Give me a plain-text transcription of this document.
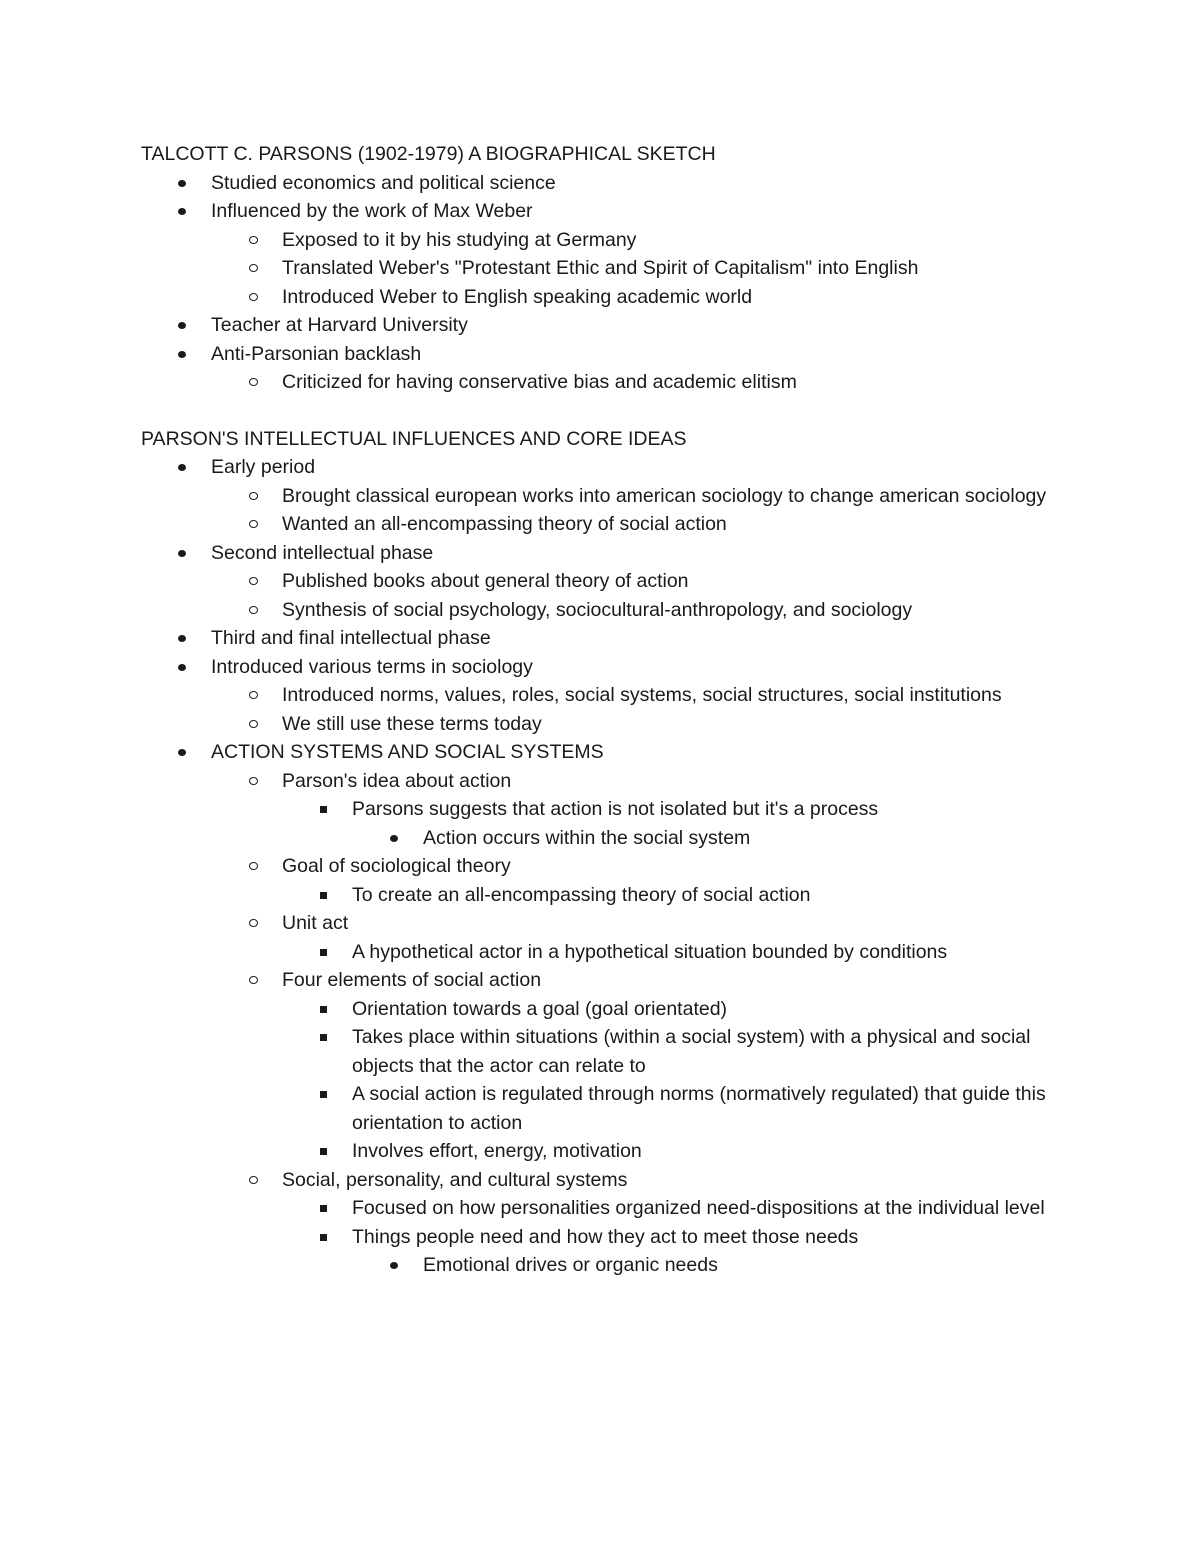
TALCOTT C. PARSONS (1902-1979) A BIOGRAPHICAL SKETCH
Studied economics and political science
Influenced by the work of Max Weber
Exposed to it by his studying at Germany
Translated Weber's "Protestant Ethic and Spirit of Capitalism" into English
Introduced Weber to English speaking academic world
Teacher at Harvard University
Anti-Parsonian backlash
Criticized for having conservative bias and academic elitism
PARSON'S INTELLECTUAL INFLUENCES AND CORE IDEAS
Early period
Brought classical european works into american sociology to change american sociology
Wanted an all-encompassing theory of social action
Second intellectual phase
Published books about general theory of action
Synthesis of social psychology, sociocultural-anthropology, and sociology
Third and final intellectual phase
Introduced various terms in sociology
Introduced norms, values, roles, social systems, social structures, social institutions
We still use these terms today
ACTION SYSTEMS AND SOCIAL SYSTEMS
Parson's idea about action
Parsons suggests that action is not isolated but it's a process
Action occurs within the social system
Goal of sociological theory
To create an all-encompassing theory of social action
Unit act
A hypothetical actor in a hypothetical situation bounded by conditions
Four elements of social action
Orientation towards a goal (goal orientated)
Takes place within situations (within a social system) with a physical and social objects that the actor can relate to
A social action is regulated through norms (normatively regulated) that guide this orientation to action
Involves effort, energy, motivation
Social, personality, and cultural systems
Focused on how personalities organized need-dispositions at the individual level
Things people need and how they act to meet those needs
Emotional drives or organic needs
